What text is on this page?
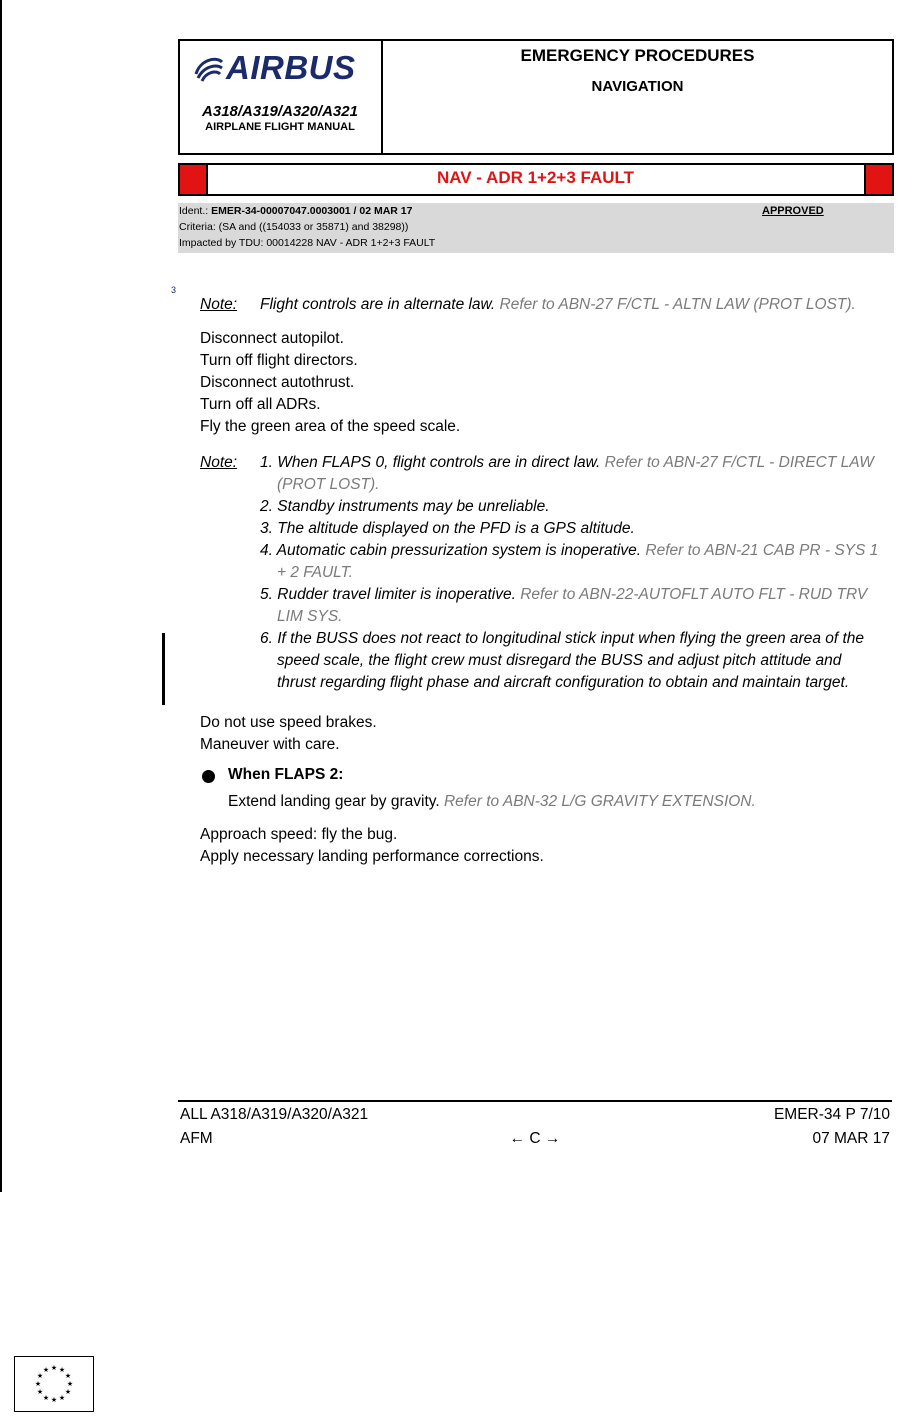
AIRBUS
A318/A319/A320/A321
AIRPLANE FLIGHT MANUAL
EMERGENCY PROCEDURES
NAVIGATION
NAV - ADR 1+2+3 FAULT
Ident.: EMER-34-00007047.0003001 / 02 MAR 17
Criteria: (SA and ((154033 or 35871) and 38298))
Impacted by TDU: 00014228 NAV - ADR 1+2+3 FAULT
APPROVED
3
Note: Flight controls are in alternate law. Refer to ABN-27 F/CTL - ALTN LAW (PROT LOST).
Disconnect autopilot.
Turn off flight directors.
Disconnect autothrust.
Turn off all ADRs.
Fly the green area of the speed scale.
Note: 1. When FLAPS 0, flight controls are in direct law. Refer to ABN-27 F/CTL - DIRECT LAW
(PROT LOST).
2. Standby instruments may be unreliable.
3. The altitude displayed on the PFD is a GPS altitude.
4. Automatic cabin pressurization system is inoperative. Refer to ABN-21 CAB PR - SYS 1
+ 2 FAULT.
5. Rudder travel limiter is inoperative. Refer to ABN-22-AUTOFLT AUTO FLT - RUD TRV
LIM SYS.
6. If the BUSS does not react to longitudinal stick input when flying the green area of the
speed scale, the flight crew must disregard the BUSS and adjust pitch attitude and
thrust regarding flight phase and aircraft configuration to obtain and maintain target.
Do not use speed brakes.
Maneuver with care.
When FLAPS 2:
Extend landing gear by gravity. Refer to ABN-32 L/G GRAVITY EXTENSION.
Approach speed: fly the bug.
Apply necessary landing performance corrections.
ALL A318/A319/A320/A321	EMER-34 P 7/10
AFM	← C →	07 MAR 17
★ ★
★
★
★
★
★
★
★
★
★
★
